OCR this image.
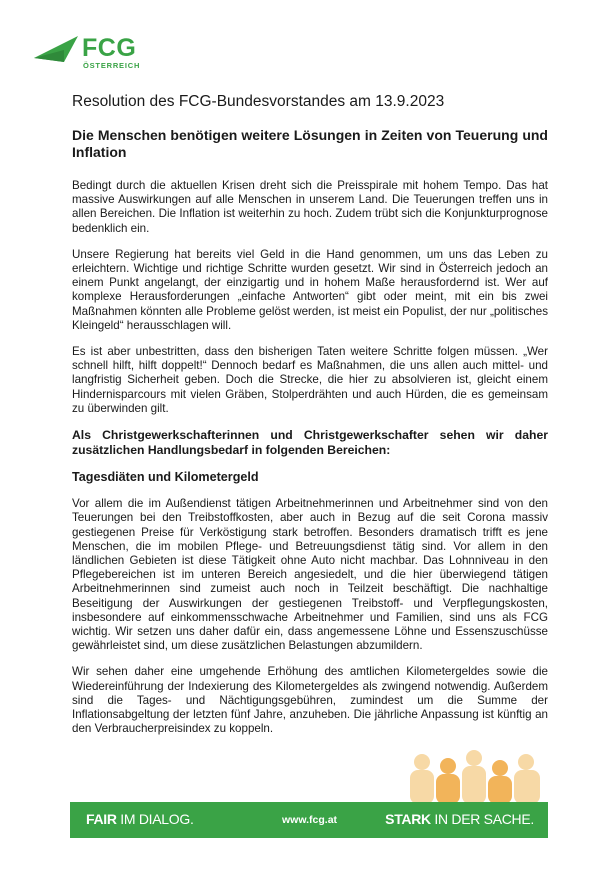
FCG
ÖSTERREICH

Resolution des FCG-Bundesvorstandes am 13.9.2023

Die Menschen benötigen weitere Lösungen in Zeiten von Teuerung und Inflation

Bedingt durch die aktuellen Krisen dreht sich die Preisspirale mit hohem Tempo. Das hat massive Auswirkungen auf alle Menschen in unserem Land. Die Teuerungen treffen uns in allen Bereichen. Die Inflation ist weiterhin zu hoch. Zudem trübt sich die Konjunkturprognose bedenklich ein.

Unsere Regierung hat bereits viel Geld in die Hand genommen, um uns das Leben zu erleichtern. Wichtige und richtige Schritte wurden gesetzt. Wir sind in Österreich jedoch an einem Punkt angelangt, der einzigartig und in hohem Maße herausfordernd ist. Wer auf komplexe Herausforderungen „einfache Antworten“ gibt oder meint, mit ein bis zwei Maßnahmen könnten alle Probleme gelöst werden, ist meist ein Populist, der nur „politisches Kleingeld“ herausschlagen will.

Es ist aber unbestritten, dass den bisherigen Taten weitere Schritte folgen müssen. „Wer schnell hilft, hilft doppelt!“ Dennoch bedarf es Maßnahmen, die uns allen auch mittel- und langfristig Sicherheit geben. Doch die Strecke, die hier zu absolvieren ist, gleicht einem Hindernisparcours mit vielen Gräben, Stolperdrähten und auch Hürden, die es gemeinsam zu überwinden gilt.

Als Christgewerkschafterinnen und Christgewerkschafter sehen wir daher zusätzlichen Handlungsbedarf in folgenden Bereichen:

Tagesdiäten und Kilometergeld

Vor allem die im Außendienst tätigen Arbeitnehmerinnen und Arbeitnehmer sind von den Teuerungen bei den Treibstoffkosten, aber auch in Bezug auf die seit Corona massiv gestiegenen Preise für Verköstigung stark betroffen. Besonders dramatisch trifft es jene Menschen, die im mobilen Pflege- und Betreuungsdienst tätig sind. Vor allem in den ländlichen Gebieten ist diese Tätigkeit ohne Auto nicht machbar. Das Lohnniveau in den Pflegebereichen ist im unteren Bereich angesiedelt, und die hier überwiegend tätigen Arbeitnehmerinnen sind zumeist auch noch in Teilzeit beschäftigt. Die nachhaltige Beseitigung der Auswirkungen der gestiegenen Treibstoff- und Verpflegungskosten, insbesondere auf einkommensschwache Arbeitnehmer und Familien, sind uns als FCG wichtig. Wir setzen uns daher dafür ein, dass angemessene Löhne und Essenszuschüsse gewährleistet sind, um diese zusätzlichen Belastungen abzumildern.

Wir sehen daher eine umgehende Erhöhung des amtlichen Kilometergeldes sowie die Wiedereinführung der Indexierung des Kilometergeldes als zwingend notwendig. Außerdem sind die Tages- und Nächtigungsgebühren, zumindest um die Summe der Inflationsabgeltung der letzten fünf Jahre, anzuheben. Die jährliche Anpassung ist künftig an den Verbraucherpreisindex zu koppeln.

FAIR IM DIALOG.	www.fcg.at	STARK IN DER SACHE.
